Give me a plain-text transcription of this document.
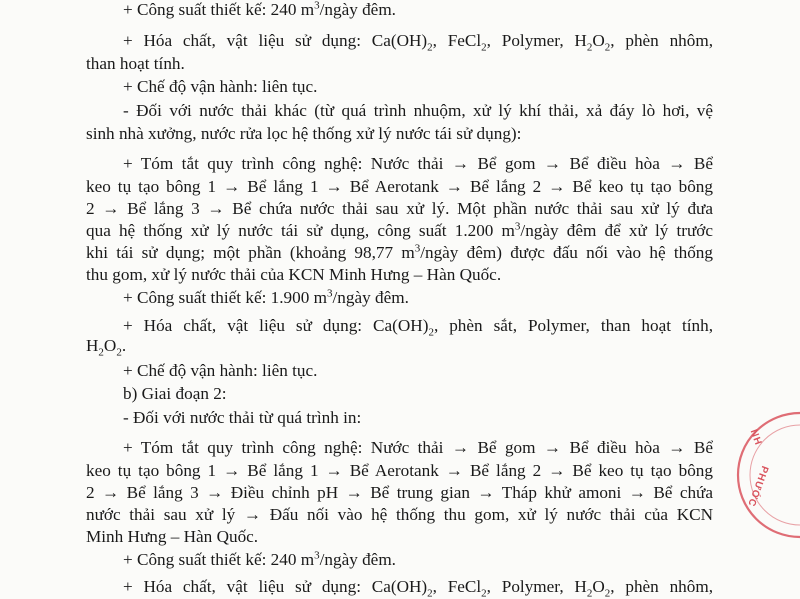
+ Công suất thiết kế: 240 $m^3$/ngày đêm.
+ Hóa chất, vật liệu sử dụng: $Ca(OH)_2$, FeCl$_2$, Polymer, $H_2O_2$, phèn nhôm,
than hoạt tính.
+ Chế độ vận hành: liên tục.
- Đối với nước thải khác (từ quá trình nhuộm, xử lý khí thải, xả đáy lò hơi, vệ
sinh nhà xưởng, nước rửa lọc hệ thống xử lý nước tái sử dụng):
+ Tóm tắt quy trình công nghệ: Nước thải → Bể gom → Bể điều hòa → Bể
keo tụ tạo bông 1 → Bể lắng 1 → Bể Aerotank → Bể lắng 2 → Bể keo tụ tạo bông
2 → Bể lắng 3 → Bể chứa nước thải sau xử lý. Một phần nước thải sau xử lý đưa
qua hệ thống xử lý nước tái sử dụng, công suất 1.200 $m^3$/ngày đêm để xử lý trước
khi tái sử dụng; một phần (khoảng 98,77 $m^3$/ngày đêm) được đấu nối vào hệ thống
thu gom, xử lý nước thải của KCN Minh Hưng – Hàn Quốc.
+ Công suất thiết kế: 1.900 $m^3$/ngày đêm.
+ Hóa chất, vật liệu sử dụng: $Ca(OH)_2$, phèn sắt, Polymer, than hoạt tính,
$H_2O_2$.
+ Chế độ vận hành: liên tục.
b) Giai đoạn 2:
- Đối với nước thải từ quá trình in:
+ Tóm tắt quy trình công nghệ: Nước thải → Bể gom → Bể điều hòa → Bể
keo tụ tạo bông 1 → Bể lắng 1 → Bể Aerotank → Bể lắng 2 → Bể keo tụ tạo bông
2 → Bể lắng 3 → Điều chỉnh pH → Bể trung gian → Tháp khử amoni → Bể chứa
nước thải sau xử lý → Đấu nối vào hệ thống thu gom, xử lý nước thải của KCN
Minh Hưng – Hàn Quốc.
+ Công suất thiết kế: 240 $m^3$/ngày đêm.
+ Hóa chất, vật liệu sử dụng: $Ca(OH)_2$, FeCl$_2$, Polymer, $H_2O_2$, phèn nhôm,
NH
PHƯỚC
